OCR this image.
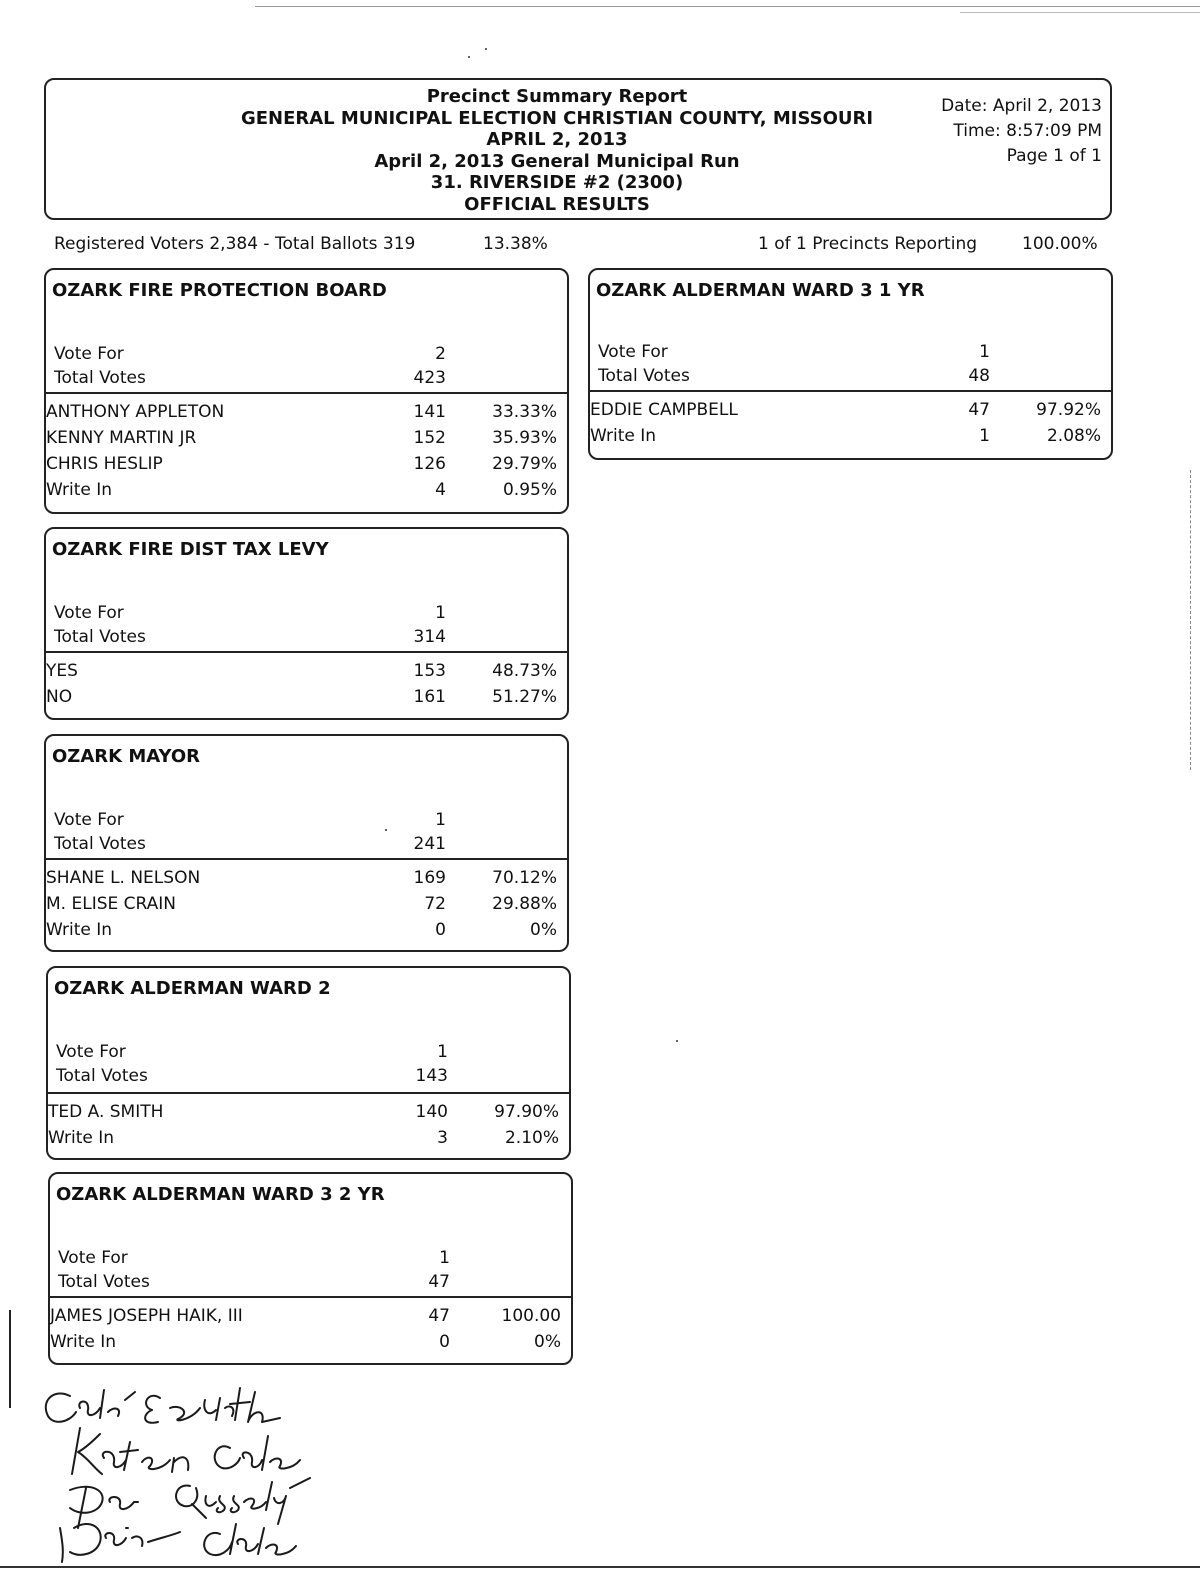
Precinct Summary Report
GENERAL MUNICIPAL ELECTION CHRISTIAN COUNTY, MISSOURI
APRIL 2, 2013
April 2, 2013 General Municipal Run
31. RIVERSIDE #2 (2300)
OFFICIAL RESULTS
Date: April 2, 2013
Time: 8:57:09 PM
Page 1 of 1
Registered Voters 2,384 - Total Ballots 319	13.38%	1 of 1 Precincts Reporting	100.00%
OZARK FIRE PROTECTION BOARD
Vote For	2
Total Votes	423
ANTHONY APPLETON	141	33.33%
KENNY MARTIN JR	152	35.93%
CHRIS HESLIP	126	29.79%
Write In	4	0.95%
OZARK FIRE DIST TAX LEVY
Vote For	1
Total Votes	314
YES	153	48.73%
NO	161	51.27%
OZARK MAYOR
Vote For	1
Total Votes	241
SHANE L. NELSON	169	70.12%
M. ELISE CRAIN	72	29.88%
Write In	0	0%
OZARK ALDERMAN WARD 2
Vote For	1
Total Votes	143
TED A. SMITH	140	97.90%
Write In	3	2.10%
OZARK ALDERMAN WARD 3 2 YR
Vote For	1
Total Votes	47
JAMES JOSEPH HAIK, III	47	100.00
Write In	0	0%
OZARK ALDERMAN WARD 3 1 YR
Vote For	1
Total Votes	48
EDDIE CAMPBELL	47	97.92%
Write In	1	2.08%
